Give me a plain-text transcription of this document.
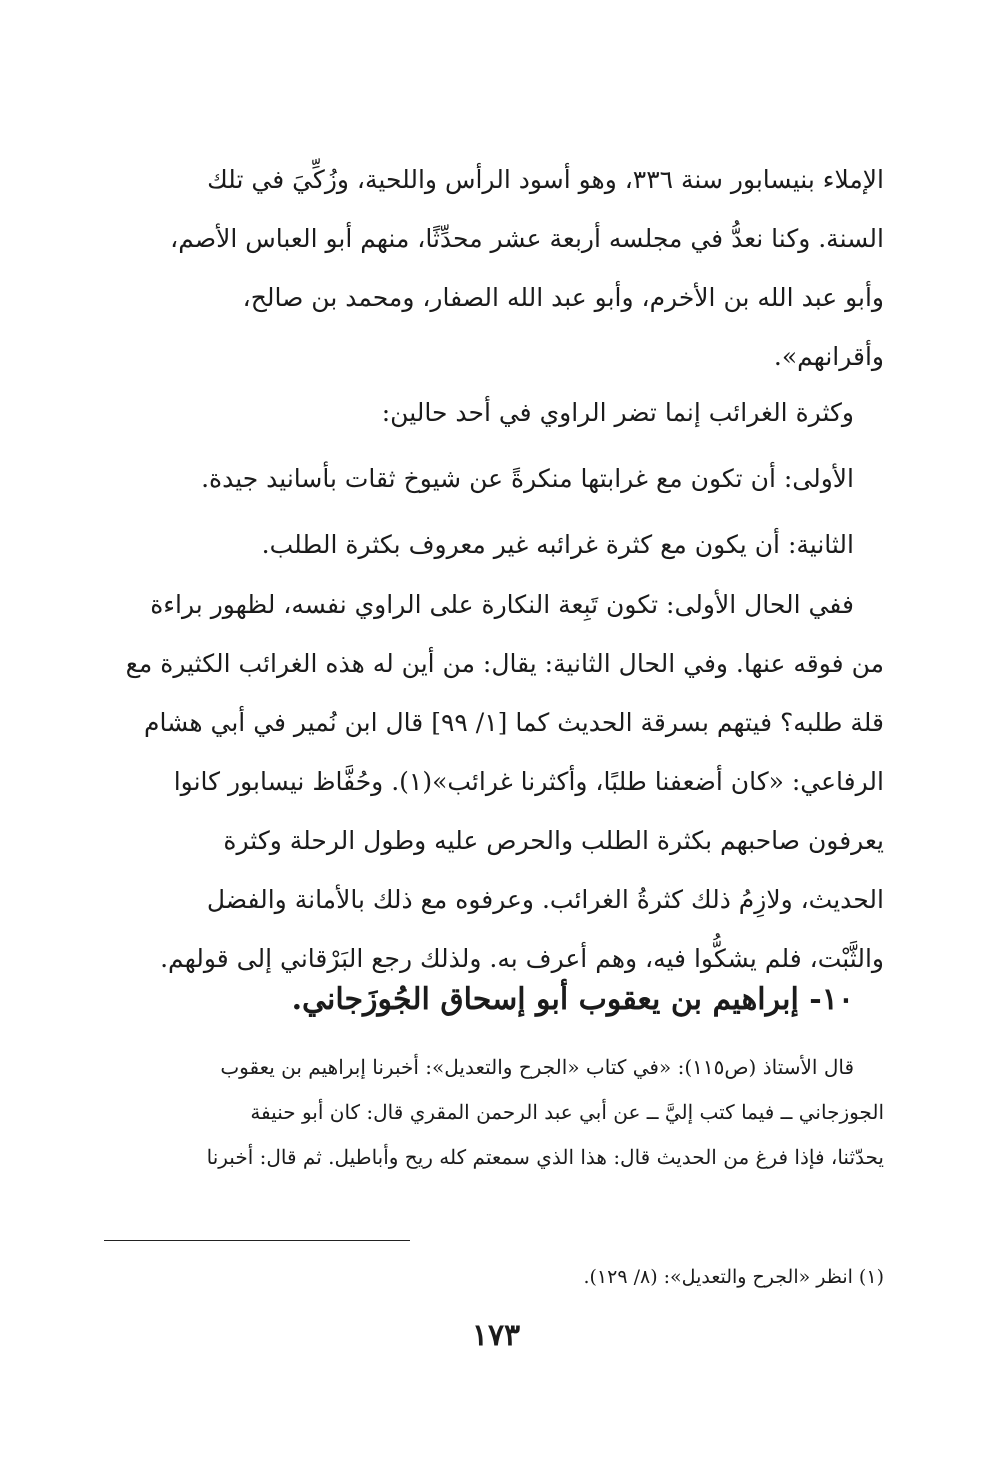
الإملاء بنيسابور سنة ٣٣٦، وهو أسود الرأس واللحية، وزُكِّيَ في تلك

السنة. وكنا نعدُّ في مجلسه أربعة عشر محدِّثًا، منهم أبو العباس الأصم،

وأبو عبد الله بن الأخرم، وأبو عبد الله الصفار، ومحمد بن صالح،

وأقرانهم».

وكثرة الغرائب إنما تضر الراوي في أحد حالين:

الأولى: أن تكون مع غرابتها منكرةً عن شيوخ ثقات بأسانيد جيدة.

الثانية: أن يكون مع كثرة غرائبه غير معروف بكثرة الطلب.

ففي الحال الأولى: تكون تَبِعة النكارة على الراوي نفسه، لظهور براءة

من فوقه عنها. وفي الحال الثانية: يقال: من أين له هذه الغرائب الكثيرة مع

قلة طلبه؟ فيتهم بسرقة الحديث كما [١/ ٩٩] قال ابن نُمير في أبي هشام

الرفاعي: «كان أضعفنا طلبًا، وأكثرنا غرائب»(١). وحُفَّاظ نيسابور كانوا

يعرفون صاحبهم بكثرة الطلب والحرص عليه وطول الرحلة وكثرة

الحديث، ولازِمُ ذلك كثرةُ الغرائب. وعرفوه مع ذلك بالأمانة والفضل

والثَّبْت، فلم يشكُّوا فيه، وهم أعرف به. ولذلك رجع البَرْقاني إلى قولهم.

١٠- إبراهيم بن يعقوب أبو إسحاق الجُوزَجاني.

قال الأستاذ (ص١١٥): «في كتاب «الجرح والتعديل»: أخبرنا إبراهيم بن يعقوب

الجوزجاني ــ فيما كتب إليَّ ــ عن أبي عبد الرحمن المقري قال: كان أبو حنيفة

يحدّثنا، فإذا فرغ من الحديث قال: هذا الذي سمعتم كله ريح وأباطيل. ثم قال: أخبرنا

(١) انظر «الجرح والتعديل»: (٨/ ١٢٩).
١٧٣
